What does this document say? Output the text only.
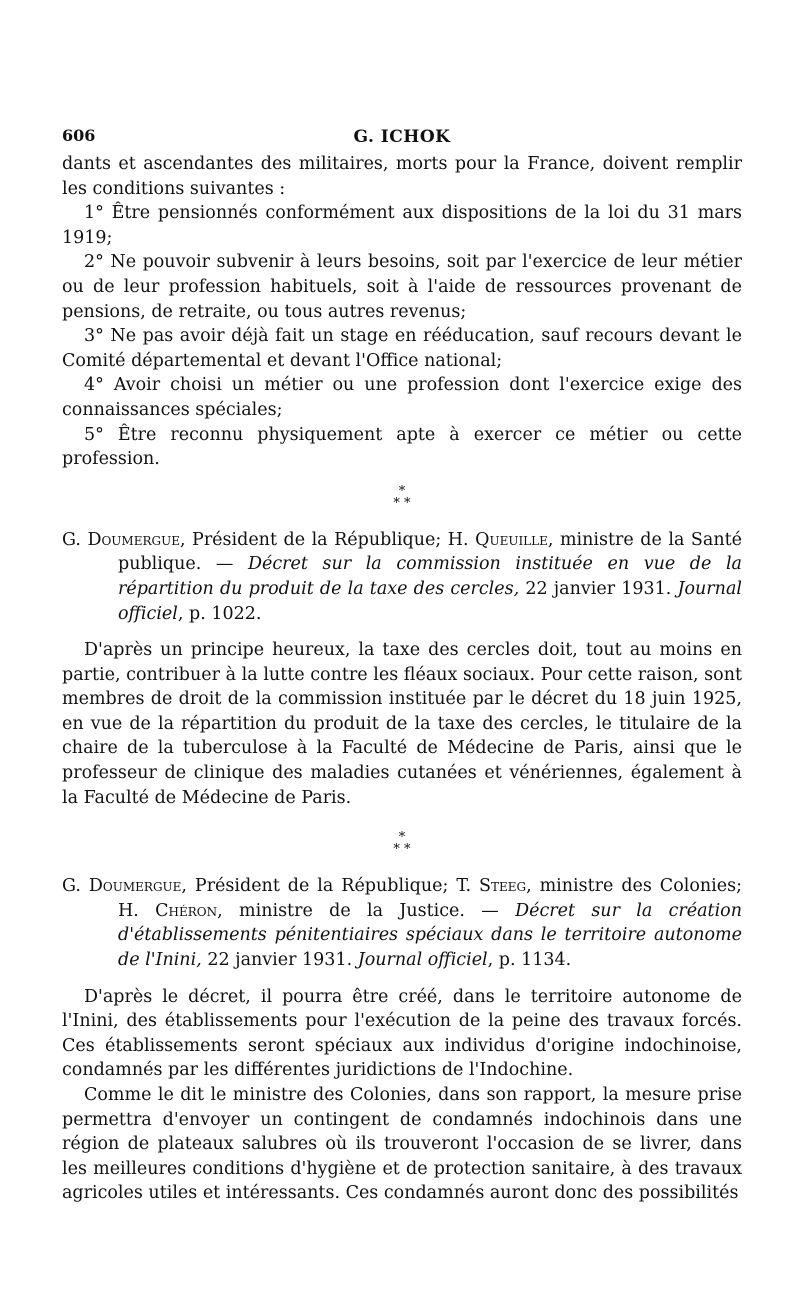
606	G. ICHOK

dants et ascendantes des militaires, morts pour la France, doivent remplir les conditions suivantes :

1° Être pensionnés conformément aux dispositions de la loi du 31 mars 1919;

2° Ne pouvoir subvenir à leurs besoins, soit par l'exercice de leur métier ou de leur profession habituels, soit à l'aide de ressources provenant de pensions, de retraite, ou tous autres revenus;

3° Ne pas avoir déjà fait un stage en rééducation, sauf recours devant le Comité départemental et devant l'Office national;

4° Avoir choisi un métier ou une profession dont l'exercice exige des connaissances spéciales;

5° Être reconnu physiquement apte à exercer ce métier ou cette profession.

*
* *
G. Doumergue, Président de la République; H. Queuille, ministre de la Santé publique. — Décret sur la commission instituée en vue de la répartition du produit de la taxe des cercles, 22 janvier 1931. Journal officiel, p. 1022.

D'après un principe heureux, la taxe des cercles doit, tout au moins en partie, contribuer à la lutte contre les fléaux sociaux. Pour cette raison, sont membres de droit de la commission instituée par le décret du 18 juin 1925, en vue de la répartition du produit de la taxe des cercles, le titulaire de la chaire de la tuberculose à la Faculté de Médecine de Paris, ainsi que le professeur de clinique des maladies cutanées et vénériennes, également à la Faculté de Médecine de Paris.

*
* *
G. Doumergue, Président de la République; T. Steeg, ministre des Colonies; H. Chéron, ministre de la Justice. — Décret sur la création d'établissements pénitentiaires spéciaux dans le territoire autonome de l'Inini, 22 janvier 1931. Journal officiel, p. 1134.

D'après le décret, il pourra être créé, dans le territoire autonome de l'Inini, des établissements pour l'exécution de la peine des travaux forcés. Ces établissements seront spéciaux aux individus d'origine indochinoise, condamnés par les différentes juridictions de l'Indochine.

Comme le dit le ministre des Colonies, dans son rapport, la mesure prise permettra d'envoyer un contingent de condamnés indochinois dans une région de plateaux salubres où ils trouveront l'occasion de se livrer, dans les meilleures conditions d'hygiène et de protection sanitaire, à des travaux agricoles utiles et intéressants. Ces condamnés auront donc des possibilités
